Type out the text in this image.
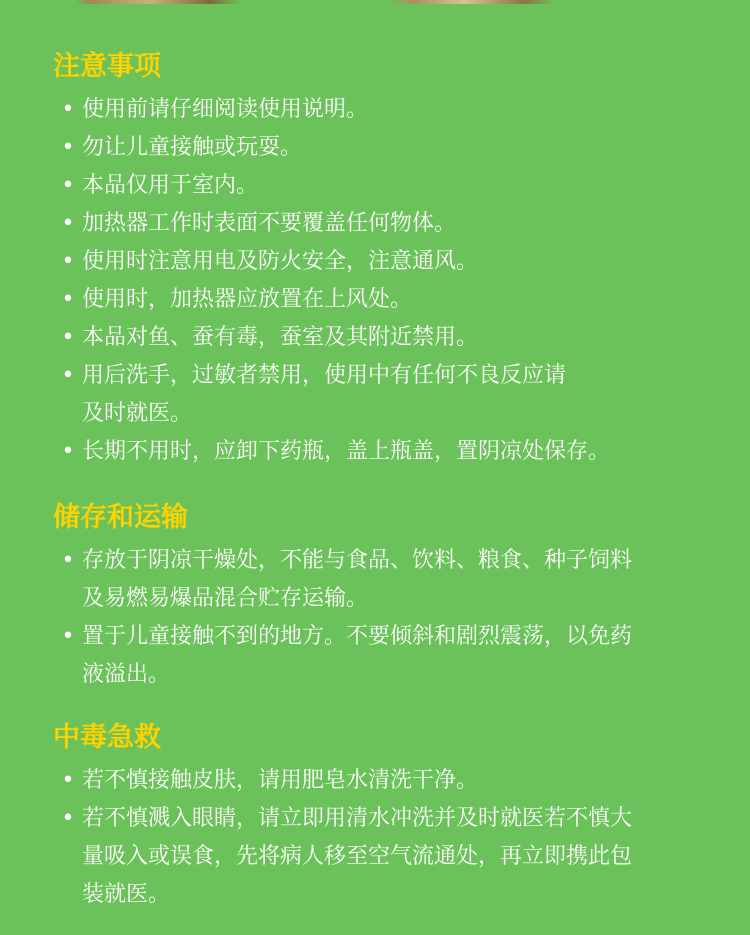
注意事项
• 使用前请仔细阅读使用说明。
• 勿让儿童接触或玩耍。
• 本品仅用于室内。
• 加热器工作时表面不要覆盖任何物体。
• 使用时注意用电及防火安全，注意通风。
• 使用时，加热器应放置在上风处。
• 本品对鱼、蚕有毒，蚕室及其附近禁用。
• 用后洗手，过敏者禁用，使用中有任何不良反应请
及时就医。
• 长期不用时，应卸下药瓶，盖上瓶盖，置阴凉处保存。
储存和运输
• 存放于阴凉干燥处，不能与食品、饮料、粮食、种子饲料
及易燃易爆品混合贮存运输。
• 置于儿童接触不到的地方。不要倾斜和剧烈震荡，以免药
液溢出。
中毒急救
• 若不慎接触皮肤，请用肥皂水清洗干净。
• 若不慎溅入眼睛，请立即用清水冲洗并及时就医若不慎大
量吸入或误食，先将病人移至空气流通处，再立即携此包
装就医。
